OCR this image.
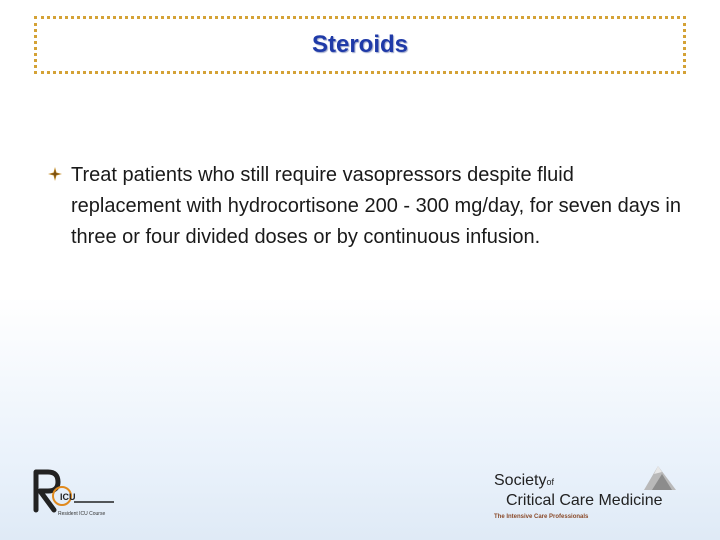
Steroids

Treat patients who still require vasopressors despite fluid replacement with hydrocortisone 200 - 300 mg/day, for seven days in three or four divided doses or by continuous infusion.

ICU
Resident ICU Course
Societyof
Critical Care Medicine
The Intensive Care Professionals
